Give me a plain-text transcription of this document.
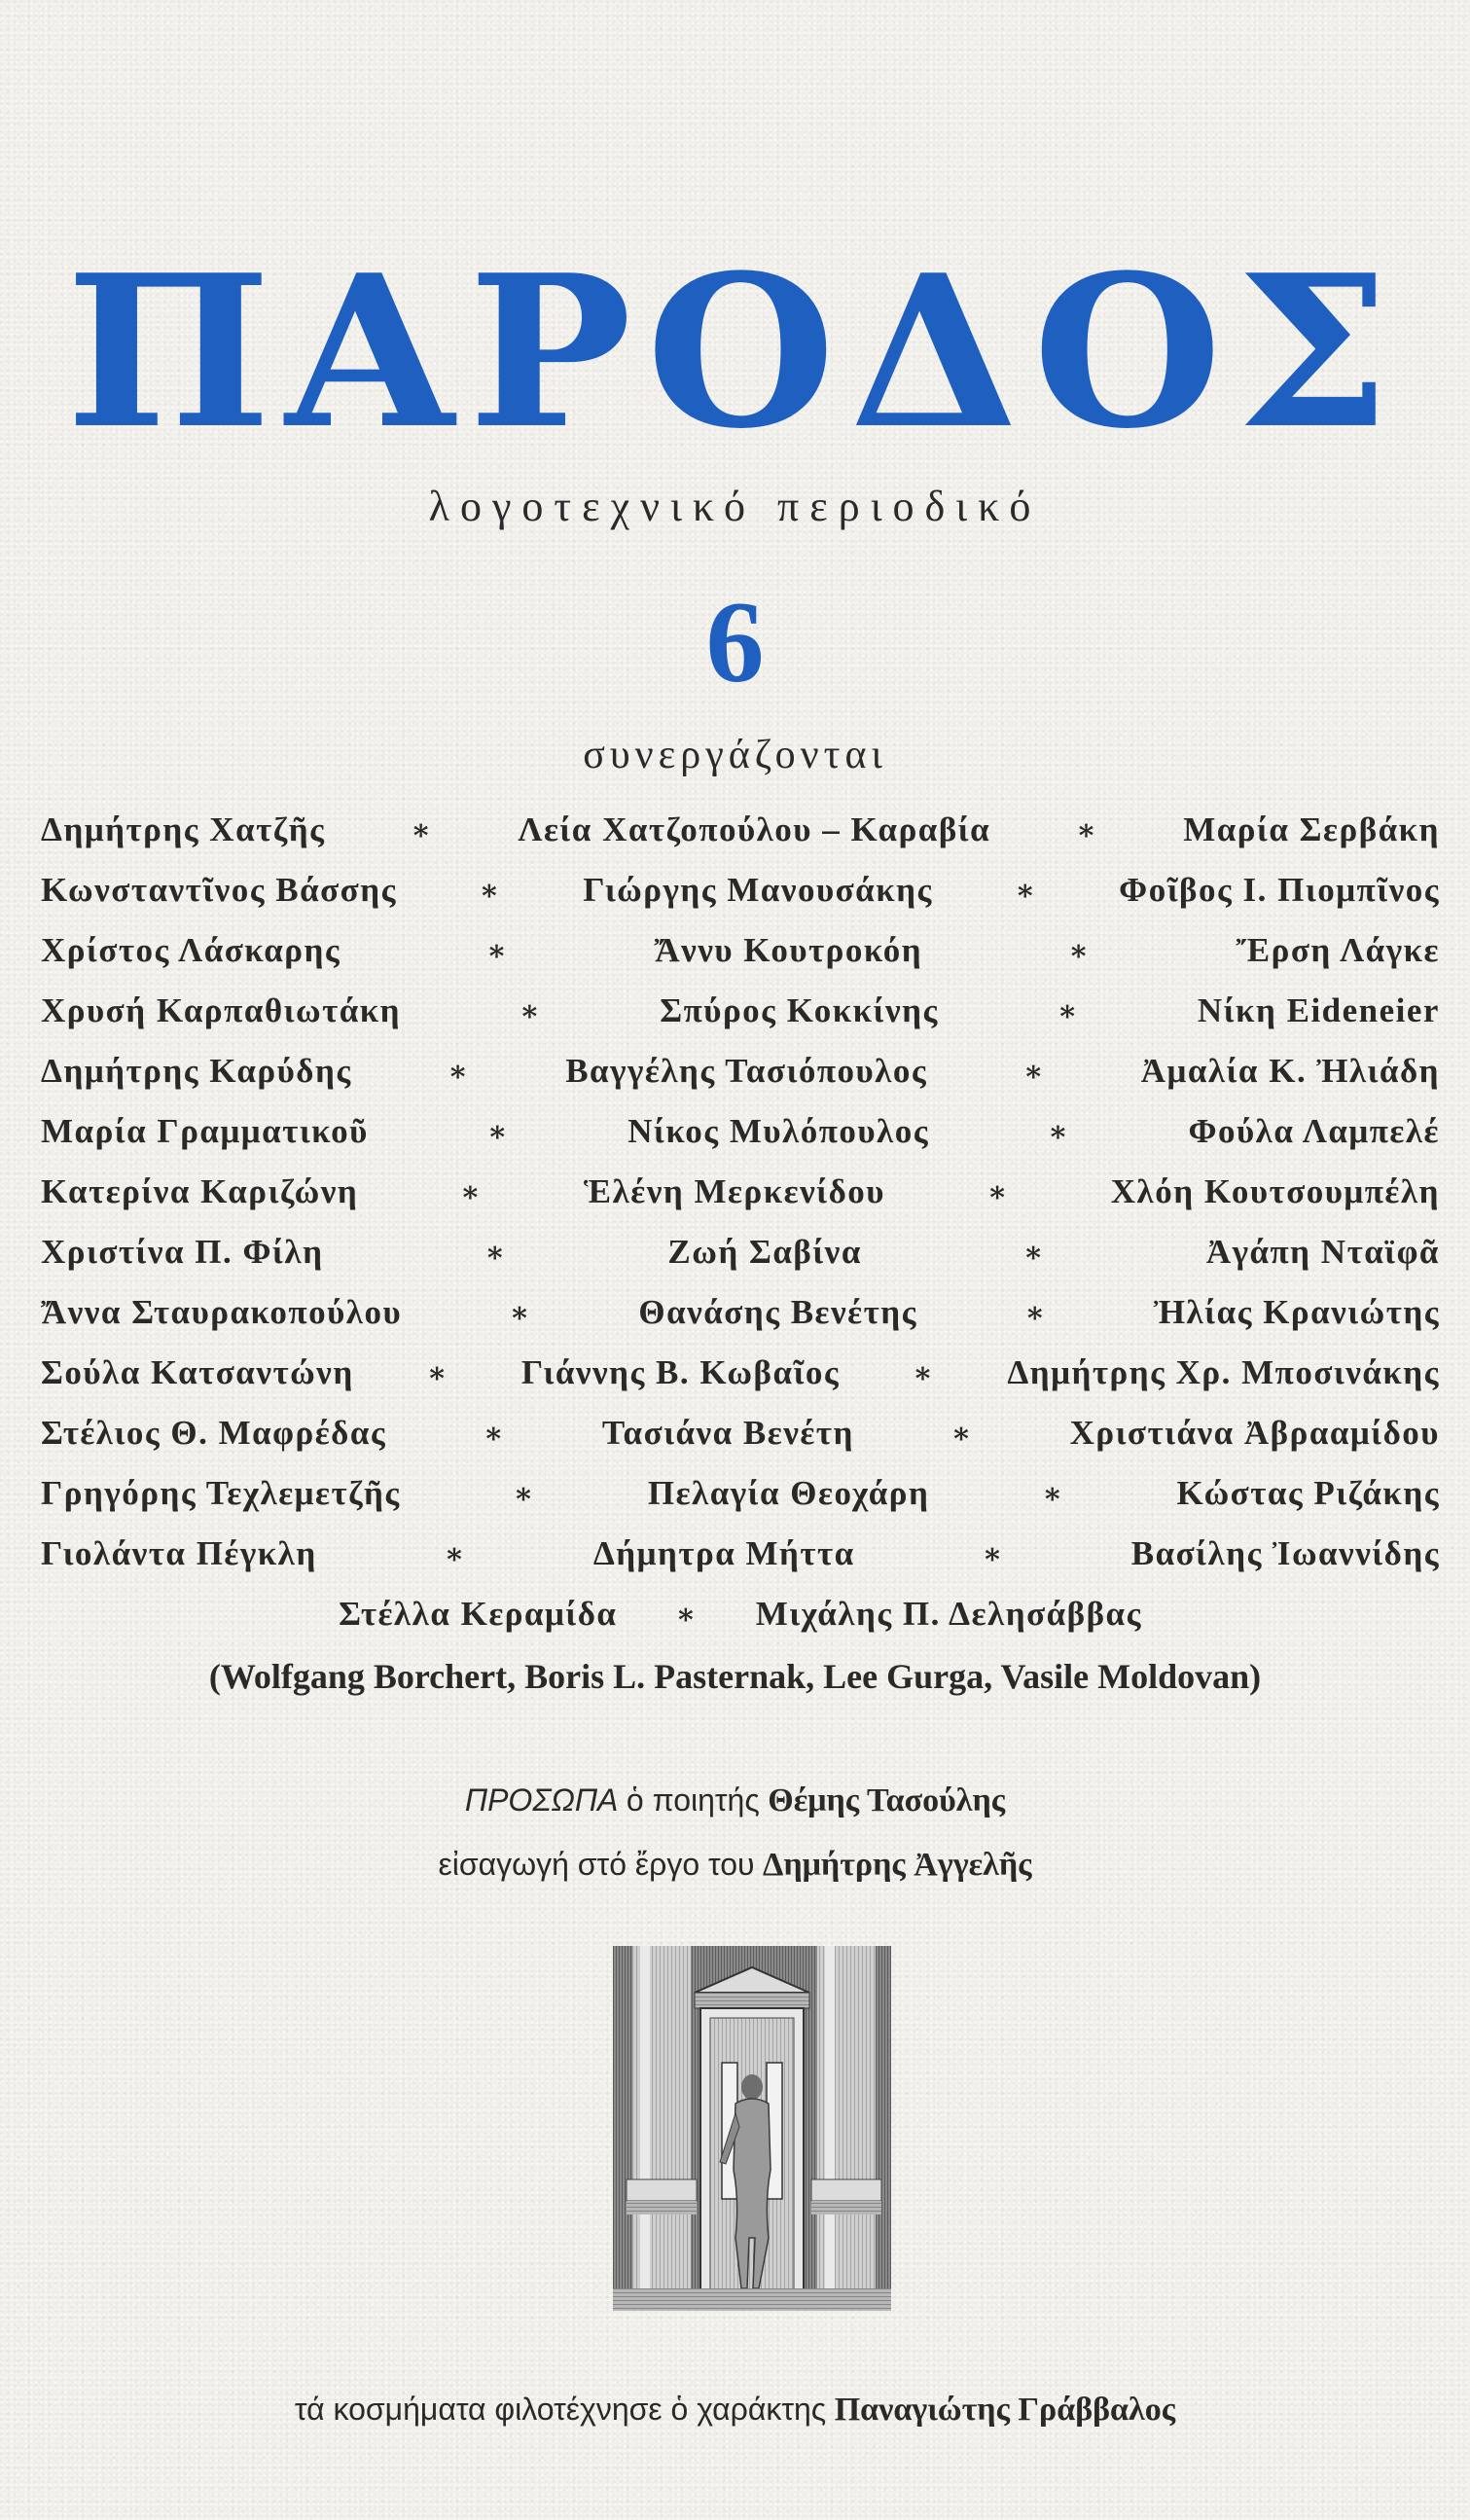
ΠΑΡΟΔΟΣ
λογοτεχνικό περιοδικό
6
συνεργάζονται
Δημήτρης Χατζῆς	∗	Λεία Χατζοπούλου – Καραβία	∗	Μαρία Σερβάκη
Κωνσταντῖνος Βάσσης	∗ Γιώργης Μανουσάκης	∗ Φοῖβος Ι. Πιομπῖνος
Χρίστος Λάσκαρης	∗	Ἄννυ Κουτροκόη	∗	Ἔρση Λάγκε
Χρυσή Καρπαθιωτάκη	∗	Σπύρος Κοκκίνης	∗	Νίκη Eideneier
Δημήτρης Καρύδης	∗	Βαγγέλης Τασιόπουλος	∗	Ἀμαλία Κ. Ἠλιάδη
Μαρία Γραμματικοῦ	∗	Νίκος Μυλόπουλος	∗	Φούλα Λαμπελέ
Κατερίνα Καριζώνη	∗	Ἑλένη Μερκενίδου	∗	Χλόη Κουτσουμπέλη
Χριστίνα Π. Φίλη	∗	Ζωή Σαβίνα	∗	Ἀγάπη Νταϊφᾶ
Ἄννα Σταυρακοπούλου	∗	Θανάσης Βενέτης	∗	Ἠλίας Κρανιώτης
Σούλα Κατσαντώνη ∗ Γιάννης Β. Κωβαῖος ∗ Δημήτρης Χρ. Μποσινάκης
Στέλιος Θ. Μαφρέδας	∗	Τασιάνα Βενέτη	∗	Χριστιάνα Ἀβρααμίδου
Γρηγόρης Τεχλεμετζῆς	∗	Πελαγία Θεοχάρη	∗	Κώστας Ριζάκης
Γιολάντα Πέγκλη	∗	Δήμητρα Μήττα	∗	Βασίλης Ἰωαννίδης
Στέλλα Κεραμίδα ∗ Μιχάλης Π. Δελησάββας
(Wolfgang Borchert, Boris L. Pasternak, Lee Gurga, Vasile Moldovan)
ΠΡΟΣΩΠΑ ὁ ποιητής Θέμης Τασούλης
εἰσαγωγή στό ἔργο του Δημήτρης Ἀγγελῆς
τά κοσμήματα φιλοτέχνησε ὁ χαράκτης Παναγιώτης Γράββαλος
